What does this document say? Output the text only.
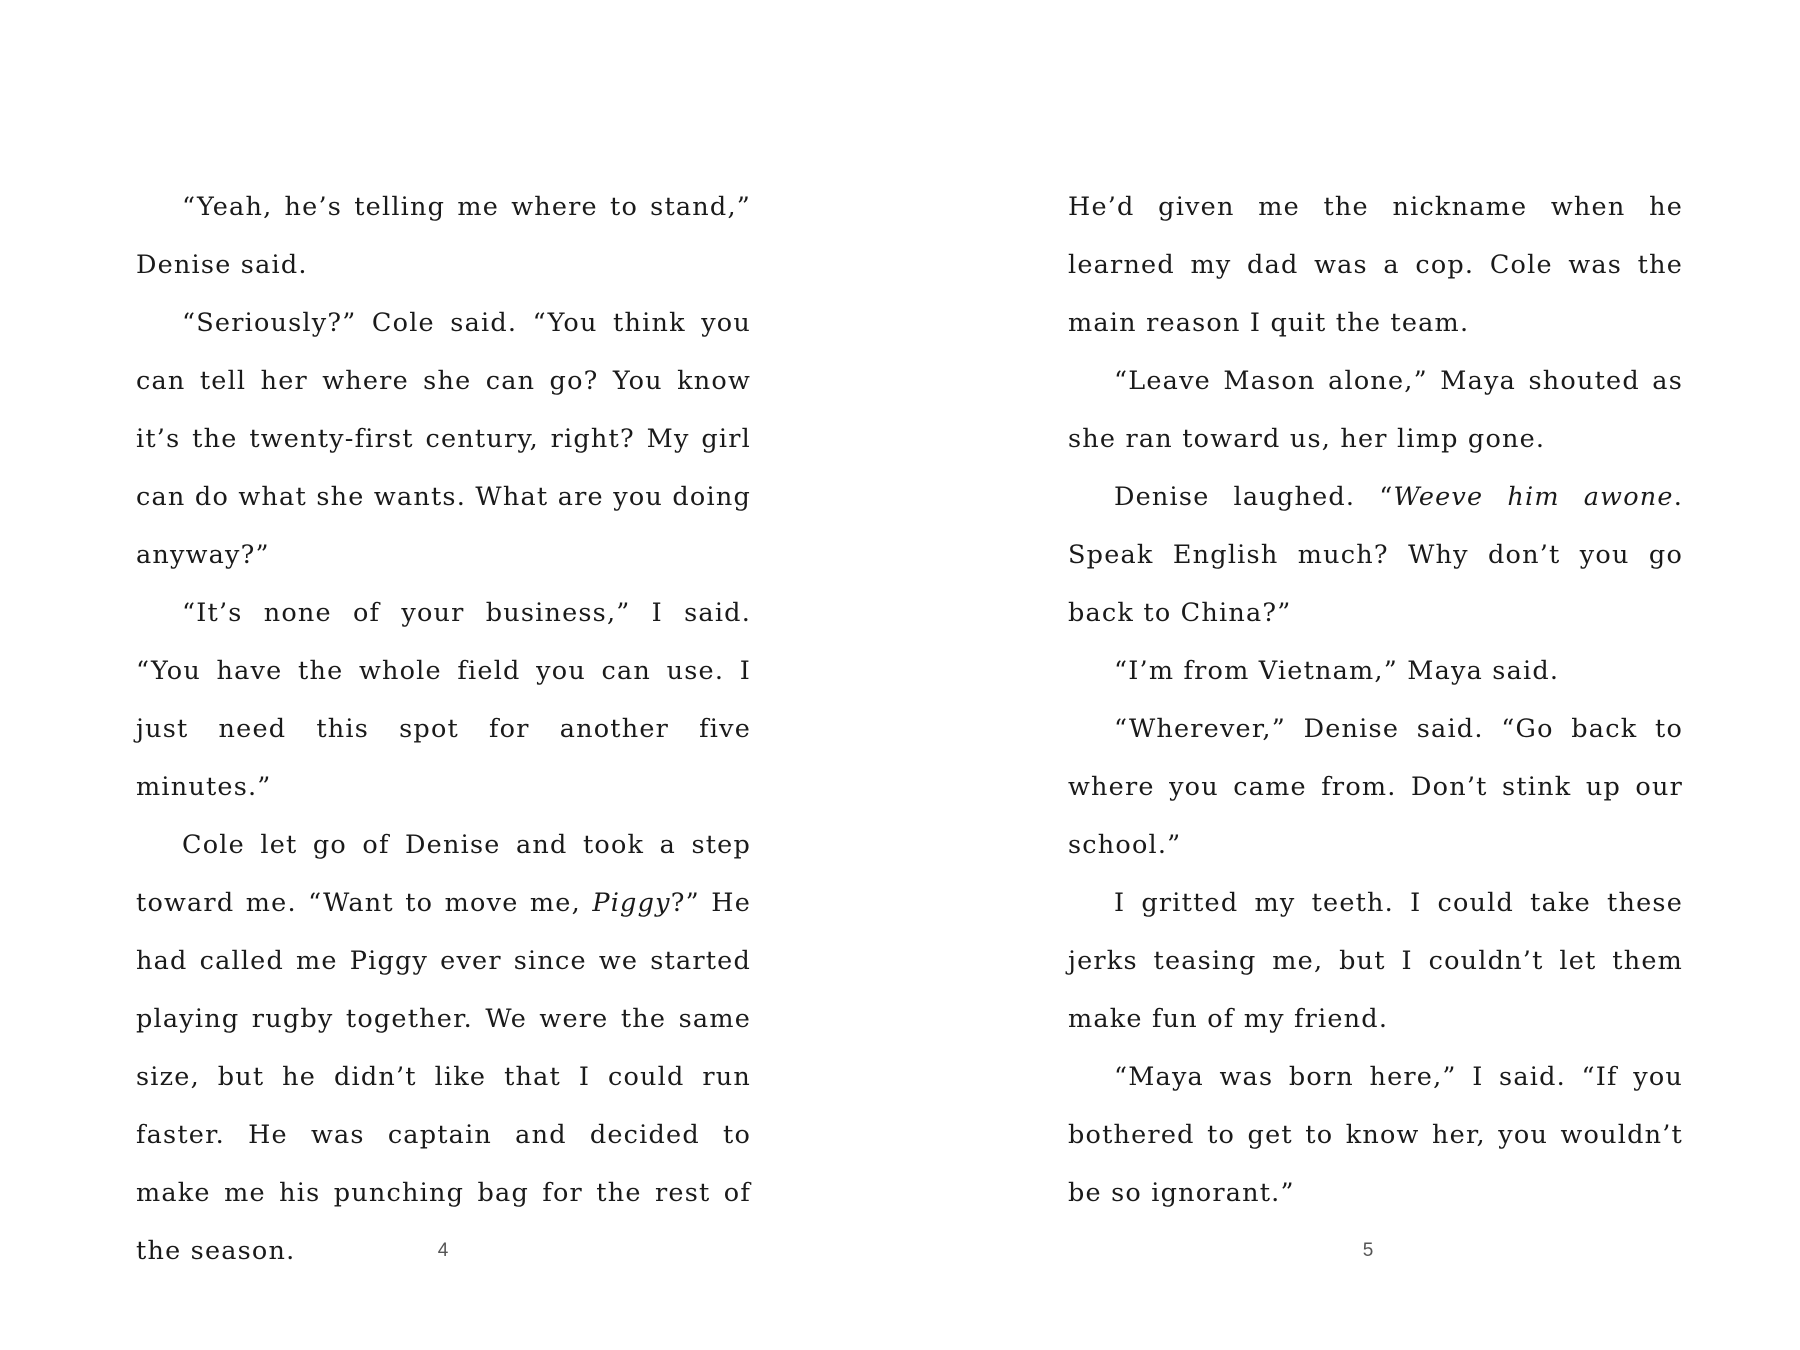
“Yeah, he’s telling me where to stand,” Denise said.

“Seriously?” Cole said. “You think you can tell her where she can go? You know it’s the twenty-first century, right? My girl can do what she wants. What are you doing anyway?”

“It’s none of your business,” I said. “You have the whole field you can use. I just need this spot for another five minutes.”

Cole let go of Denise and took a step toward me. “Want to move me, Piggy?” He had called me Piggy ever since we started playing rugby together. We were the same size, but he didn’t like that I could run faster. He was captain and decided to make me his punching bag for the rest of the season.	4

He’d given me the nickname when he learned my dad was a cop. Cole was the main reason I quit the team.

“Leave Mason alone,” Maya shouted as she ran toward us, her limp gone.

Denise laughed. “Weeve him awone. Speak English much? Why don’t you go back to China?”

“I’m from Vietnam,” Maya said.

“Wherever,” Denise said. “Go back to where you came from. Don’t stink up our school.”

I gritted my teeth. I could take these jerks teasing me, but I couldn’t let them make fun of my friend.

“Maya was born here,” I said. “If you bothered to get to know her, you wouldn’t be so ignorant.”

5
